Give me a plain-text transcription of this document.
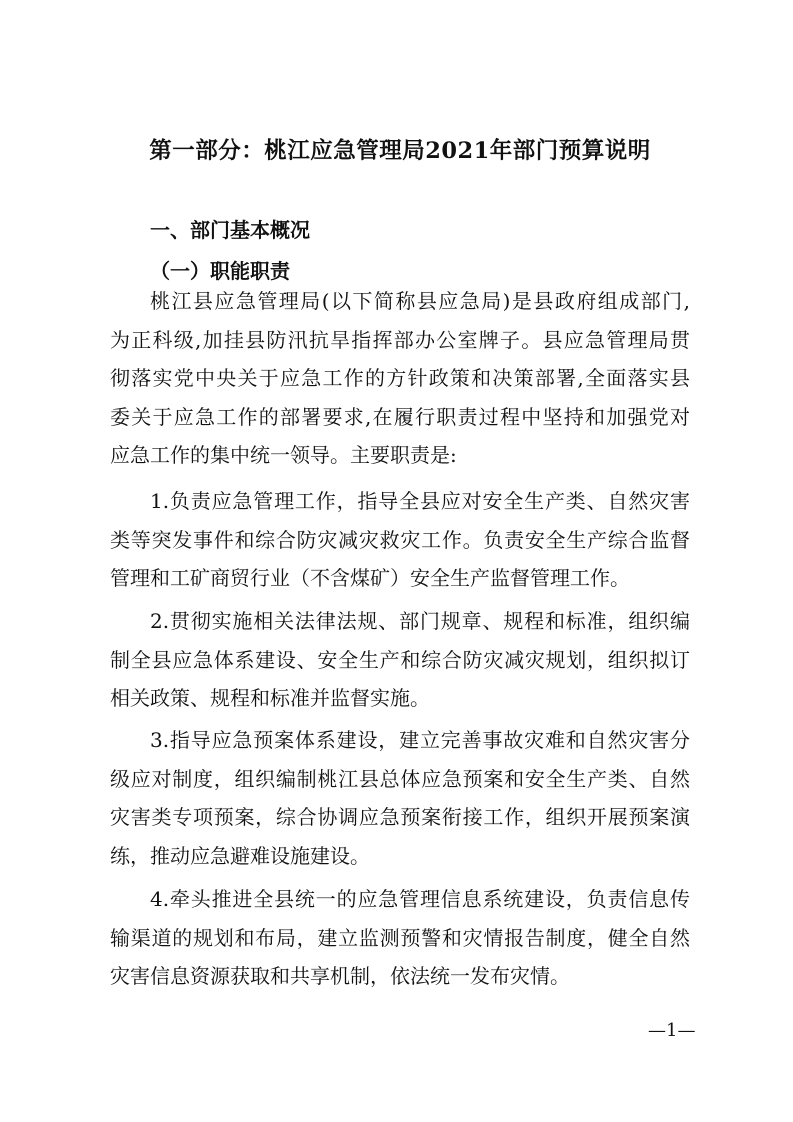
第一部分：桃江应急管理局2021年部门预算说明
一、部门基本概况
（一）职能职责
桃江县应急管理局(以下简称县应急局)是县政府组成部门,
为正科级,加挂县防汛抗旱指挥部办公室牌子。县应急管理局贯
彻落实党中央关于应急工作的方针政策和决策部署,全面落实县
委关于应急工作的部署要求,在履行职责过程中坚持和加强党对
应急工作的集中统一领导。主要职责是:
1.负责应急管理工作，指导全县应对安全生产类、自然灾害
类等突发事件和综合防灾减灾救灾工作。负责安全生产综合监督
管理和工矿商贸行业（不含煤矿）安全生产监督管理工作。
2.贯彻实施相关法律法规、部门规章、规程和标准，组织编
制全县应急体系建设、安全生产和综合防灾减灾规划，组织拟订
相关政策、规程和标准并监督实施。
3.指导应急预案体系建设，建立完善事故灾难和自然灾害分
级应对制度，组织编制桃江县总体应急预案和安全生产类、自然
灾害类专项预案，综合协调应急预案衔接工作，组织开展预案演
练，推动应急避难设施建设。
4.牵头推进全县统一的应急管理信息系统建设，负责信息传
输渠道的规划和布局，建立监测预警和灾情报告制度，健全自然
灾害信息资源获取和共享机制，依法统一发布灾情。
—1—
